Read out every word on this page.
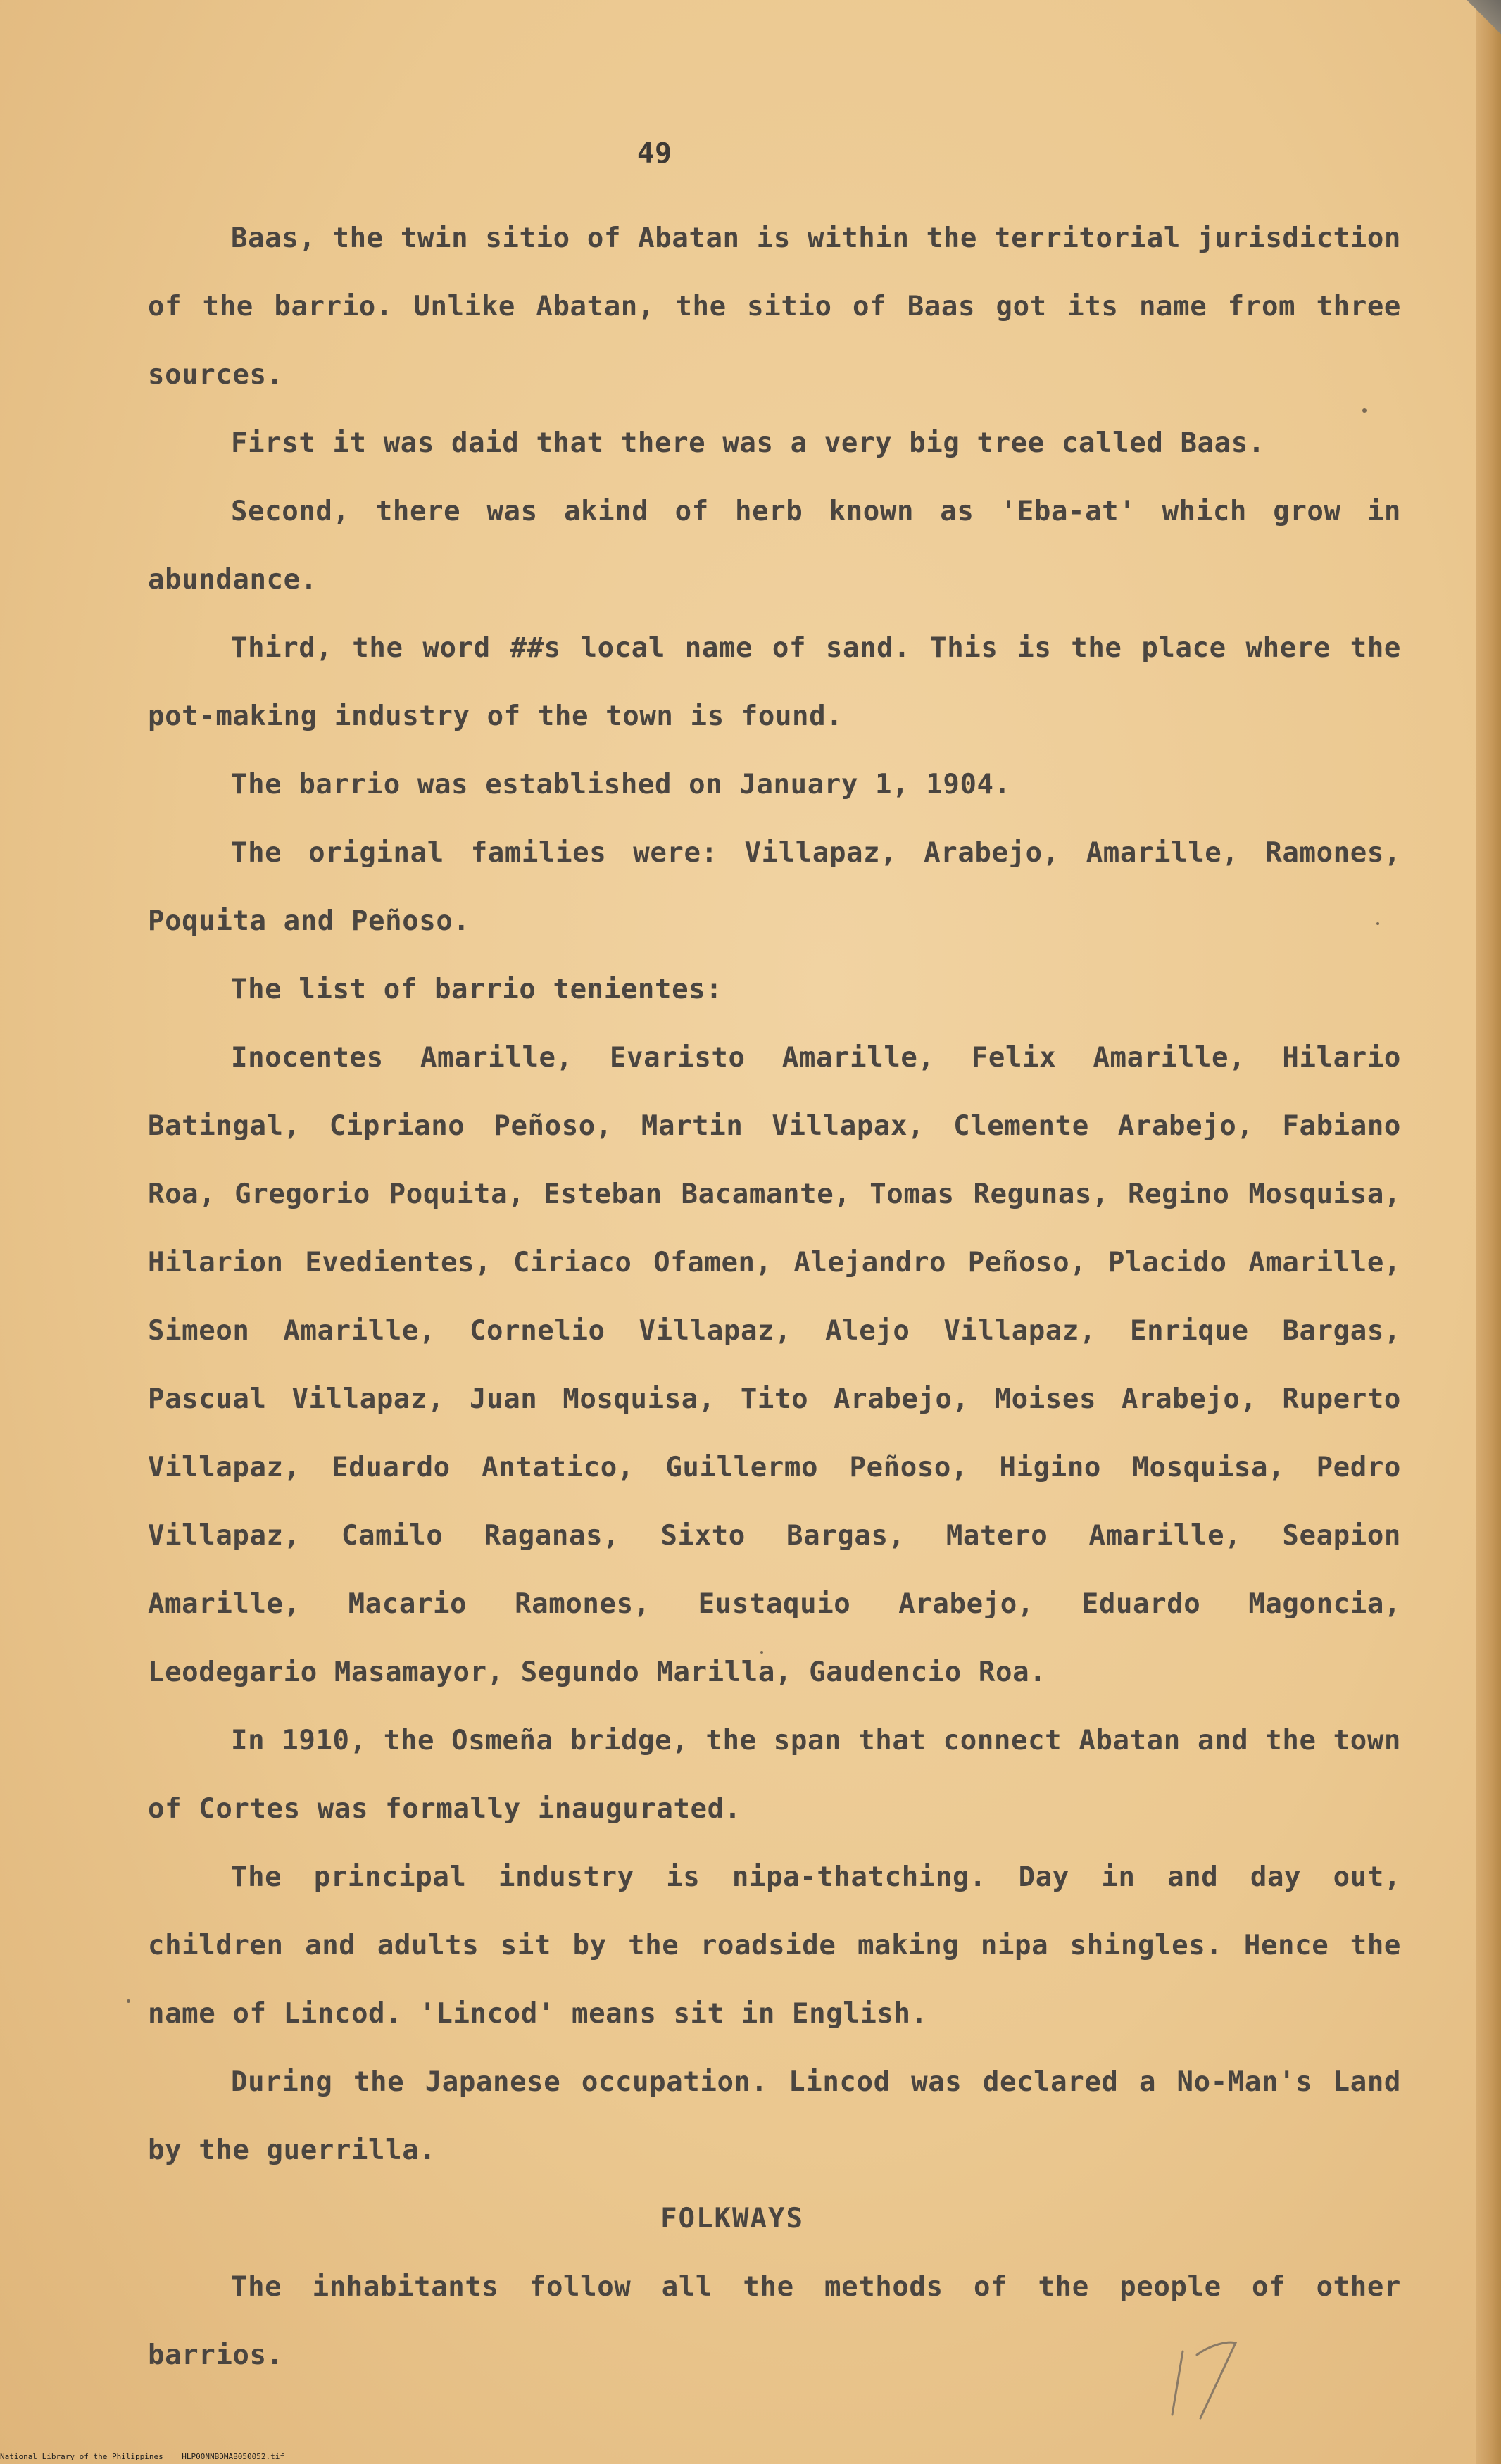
49

Baas, the twin sitio of Abatan is within the territorial jurisdiction of the barrio. Unlike Abatan, the sitio of Baas got its name from three sources.

First it was daid that there was a very big tree called Baas.

Second, there was akind of herb known as 'Eba-at' which grow in abundance.

Third, the word ##s local name of sand. This is the place where the pot-making industry of the town is found.

The barrio was established on January 1, 1904.

The original families were: Villapaz, Arabejo, Amarille, Ramones, Poquita and Peñoso.

The list of barrio tenientes:

Inocentes Amarille, Evaristo Amarille, Felix Amarille, Hilario Batingal, Cipriano Peñoso, Martin Villapax, Clemente Arabejo, Fabiano Roa, Gregorio Poquita, Esteban Bacamante, Tomas Regunas, Regino Mosquisa, Hilarion Evedientes, Ciriaco Ofamen, Alejandro Peñoso, Placido Amarille, Simeon Amarille, Cornelio Villapaz, Alejo Villapaz, Enrique Bargas, Pascual Villapaz, Juan Mosquisa, Tito Arabejo, Moises Arabejo, Ruperto Villapaz, Eduardo Antatico, Guillermo Peñoso, Higino Mosquisa, Pedro Villapaz, Camilo Raganas, Sixto Bargas, Matero Amarille, Seapion Amarille, Macario Ramones, Eustaquio Arabejo, Eduardo Magoncia, Leodegario Masamayor, Segundo Marilla, Gaudencio Roa.

In 1910, the Osmeña bridge, the span that connect Abatan and the town of Cortes was formally inaugurated.

The principal industry is nipa-thatching. Day in and day out, children and adults sit by the roadside making nipa shingles. Hence the name of Lincod. 'Lincod' means sit in English.

During the Japanese occupation. Lincod was declared a No-Man's Land by the guerrilla.

FOLKWAYS

The inhabitants follow all the methods of the people of other barrios.

National Library of the Philippines HLP00NNBDMAB050052.tif
